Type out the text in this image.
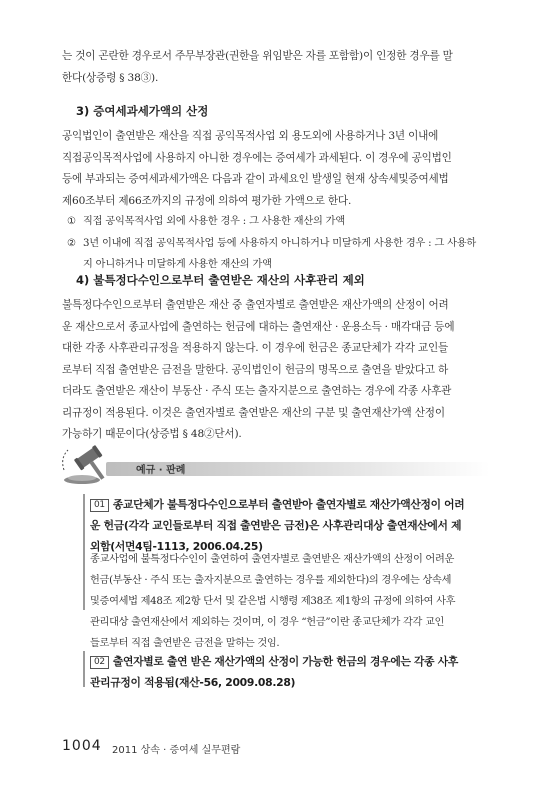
는 것이 곤란한 경우로서 주무부장관(권한을 위임받은 자를 포함함)이 인정한 경우를 말
한다(상증령 § 38③).

3) 증여세과세가액의 산정

공익법인이 출연받은 재산을 직접 공익목적사업 외 용도외에 사용하거나 3년 이내에
직접공익목적사업에 사용하지 아니한 경우에는 증여세가 과세된다. 이 경우에 공익법인
등에 부과되는 증여세과세가액은 다음과 같이 과세요인 발생일 현재 상속세및증여세법
제60조부터 제66조까지의 규정에 의하여 평가한 가액으로 한다.

① 직접 공익목적사업 외에 사용한 경우 : 그 사용한 재산의 가액

② 3년 이내에 직접 공익목적사업 등에 사용하지 아니하거나 미달하게 사용한 경우 : 그 사용하
지 아니하거나 미달하게 사용한 재산의 가액

4) 불특정다수인으로부터 출연받은 재산의 사후관리 제외

불특정다수인으로부터 출연받은 재산 중 출연자별로 출연받은 재산가액의 산정이 어려
운 재산으로서 종교사업에 출연하는 헌금에 대하는 출연재산 · 운용소득 · 매각대금 등에
대한 각종 사후관리규정을 적용하지 않는다. 이 경우에 헌금은 종교단체가 각각 교인들
로부터 직접 출연받은 금전을 말한다. 공익법인이 헌금의 명목으로 출연을 받았다고 하
더라도 출연받은 재산이 부동산 · 주식 또는 출자지분으로 출연하는 경우에 각종 사후관
리규정이 적용된다. 이것은 출연자별로 출연받은 재산의 구분 및 출연재산가액 산정이
가능하기 때문이다(상증법 § 48②단서).

예규 · 판례

01 종교단체가 불특정다수인으로부터 출연받아 출연자별로 재산가액산정이 어려
운 헌금(각각 교인들로부터 직접 출연받은 금전)은 사후관리대상 출연재산에서 제
외함(서면4팀-1113, 2006.04.25)

종교사업에 불특정다수인이 출연하여 출연자별로 출연받은 재산가액의 산정이 어려운
헌금(부동산 · 주식 또는 출자지분으로 출연하는 경우를 제외한다)의 경우에는 상속세
및증여세법 제48조 제2항 단서 및 같은법 시행령 제38조 제1항의 규정에 의하여 사후
관리대상 출연재산에서 제외하는 것이며, 이 경우 “헌금”이란 종교단체가 각각 교인
들로부터 직접 출연받은 금전을 말하는 것임.

02 출연자별로 출연 받은 재산가액의 산정이 가능한 헌금의 경우에는 각종 사후
관리규정이 적용됨(재산-56, 2009.08.28)

1004 2011 상속 · 증여세 실무편람
